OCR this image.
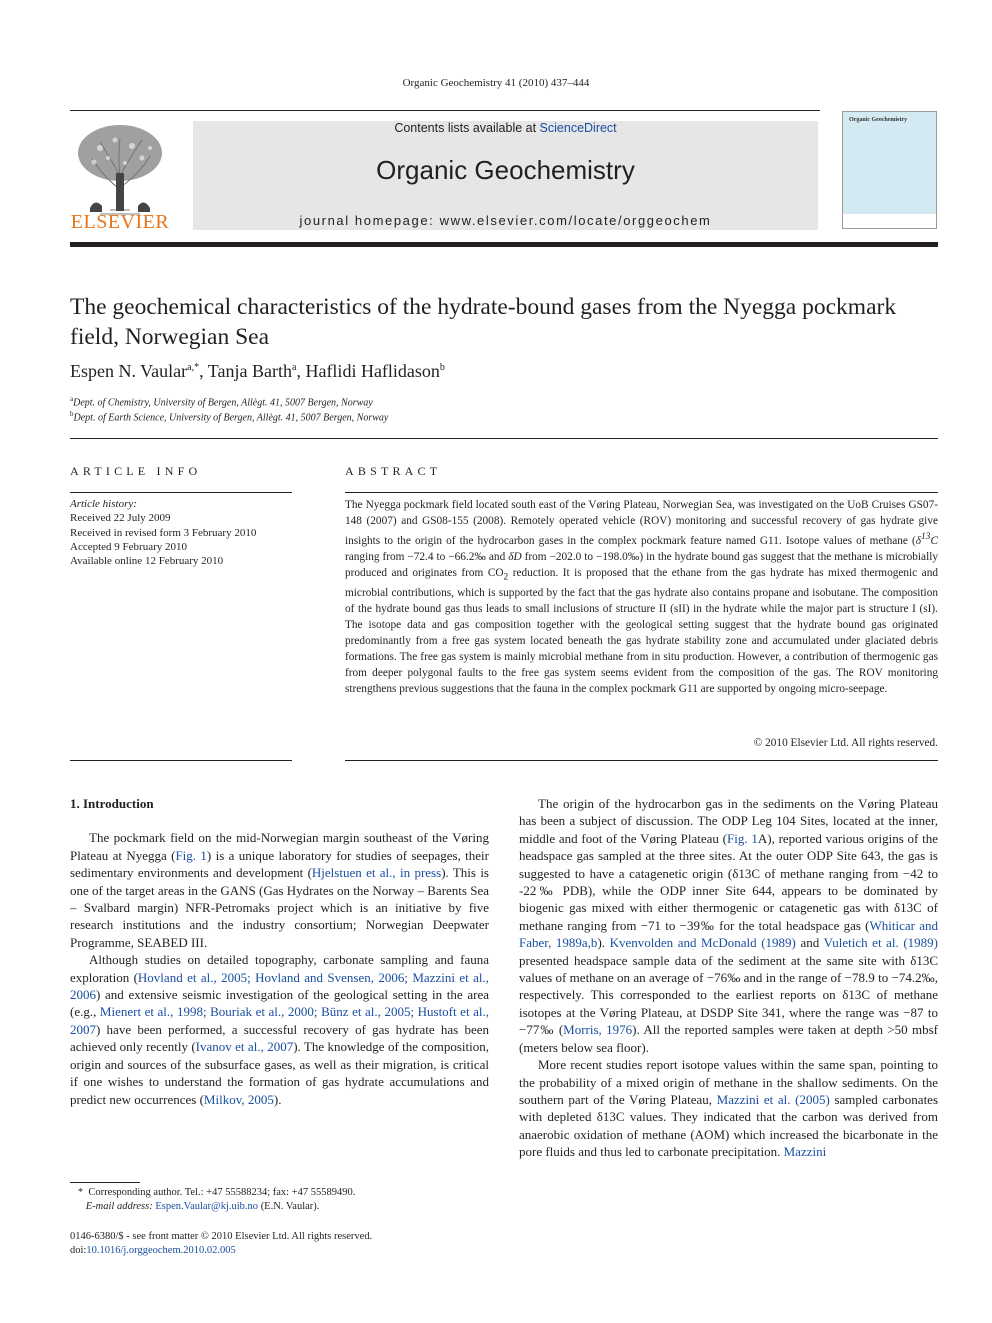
Organic Geochemistry 41 (2010) 437–444
ELSEVIER
Contents lists available at ScienceDirect
Organic Geochemistry
journal homepage: www.elsevier.com/locate/orggeochem
Organic Geochemistry
The geochemical characteristics of the hydrate-bound gases from the Nyegga pockmark field, Norwegian Sea
Espen N. Vaular$^{a,*}$, Tanja Barth$^a$, Haflidi Haflidason$^b$
$^a$Dept. of Chemistry, University of Bergen, Allègt. 41, 5007 Bergen, Norway
$^b$Dept. of Earth Science, University of Bergen, Allègt. 41, 5007 Bergen, Norway
ARTICLE INFO	ABSTRACT
Article history:
Received 22 July 2009
Received in revised form 3 February 2010
Accepted 9 February 2010
Available online 12 February 2010
The Nyegga pockmark field located south east of the Vøring Plateau, Norwegian Sea, was investigated on the UoB Cruises GS07-148 (2007) and GS08-155 (2008). Remotely operated vehicle (ROV) monitoring and successful recovery of gas hydrate give insights to the origin of the hydrocarbon gases in the complex pockmark feature named G11. Isotope values of methane ($\delta^{13}C$ ranging from −72.4 to −66.2‰ and δD from −202.0 to −198.0‰) in the hydrate bound gas suggest that the methane is microbially produced and originates from $CO_2$ reduction. It is proposed that the ethane from the gas hydrate has mixed thermogenic and microbial contributions, which is supported by the fact that the gas hydrate also contains propane and isobutane. The composition of the hydrate bound gas thus leads to small inclusions of structure II (sII) in the hydrate while the major part is structure I (sI). The isotope data and gas composition together with the geological setting suggest that the hydrate bound gas originated predominantly from a free gas system located beneath the gas hydrate stability zone and accumulated under glaciated debris formations. The free gas system is mainly microbial methane from in situ production. However, a contribution of thermogenic gas from deeper polygonal faults to the free gas system seems evident from the composition of the gas. The ROV monitoring strengthens previous suggestions that the fauna in the complex pockmark G11 are supported by ongoing micro-seepage.
© 2010 Elsevier Ltd. All rights reserved.
1. Introduction

The pockmark field on the mid-Norwegian margin southeast of the Vøring Plateau at Nyegga (Fig. 1) is a unique laboratory for studies of seepages, their sedimentary environments and development (Hjelstuen et al., in press). This is one of the target areas in the GANS (Gas Hydrates on the Norway – Barents Sea – Svalbard margin) NFR-Petromaks project which is an initiative by five research institutions and the industry consortium; Norwegian Deepwater Programme, SEABED III.

Although studies on detailed topography, carbonate sampling and fauna exploration (Hovland et al., 2005; Hovland and Svensen, 2006; Mazzini et al., 2006) and extensive seismic investigation of the geological setting in the area (e.g., Mienert et al., 1998; Bouriak et al., 2000; Bünz et al., 2005; Hustoft et al., 2007) have been performed, a successful recovery of gas hydrate has been achieved only recently (Ivanov et al., 2007). The knowledge of the composition, origin and sources of the subsurface gases, as well as their migration, is critical if one wishes to understand the formation of gas hydrate accumulations and predict new occurrences (Milkov, 2005).

The origin of the hydrocarbon gas in the sediments on the Vøring Plateau has been a subject of discussion. The ODP Leg 104 Sites, located at the inner, middle and foot of the Vøring Plateau (Fig. 1A), reported various origins of the headspace gas sampled at the three sites. At the outer ODP Site 643, the gas is suggested to have a catagenetic origin (δ13C of methane ranging from −42 to -22‰ PDB), while the ODP inner Site 644, appears to be dominated by biogenic gas mixed with either thermogenic or catagenetic gas with δ13C of methane ranging from −71 to −39‰ for the total headspace gas (Whiticar and Faber, 1989a,b). Kvenvolden and McDonald (1989) and Vuletich et al. (1989) presented headspace sample data of the sediment at the same site with δ13C values of methane on an average of −76‰ and in the range of −78.9 to −74.2‰, respectively. This corresponded to the earliest reports on δ13C of methane isotopes at the Vøring Plateau, at DSDP Site 341, where the range was −87 to −77‰ (Morris, 1976). All the reported samples were taken at depth >50 mbsf (meters below sea floor).

More recent studies report isotope values within the same span, pointing to the probability of a mixed origin of methane in the shallow sediments. On the southern part of the Vøring Plateau, Mazzini et al. (2005) sampled carbonates with depleted δ13C values. They indicated that the carbon was derived from anaerobic oxidation of methane (AOM) which increased the bicarbonate in the pore fluids and thus led to carbonate precipitation. Mazzini

* Corresponding author. Tel.: +47 55588234; fax: +47 55589490.
E-mail address: Espen.Vaular@kj.uib.no (E.N. Vaular).
0146-6380/$ - see front matter © 2010 Elsevier Ltd. All rights reserved.
doi:10.1016/j.orggeochem.2010.02.005
